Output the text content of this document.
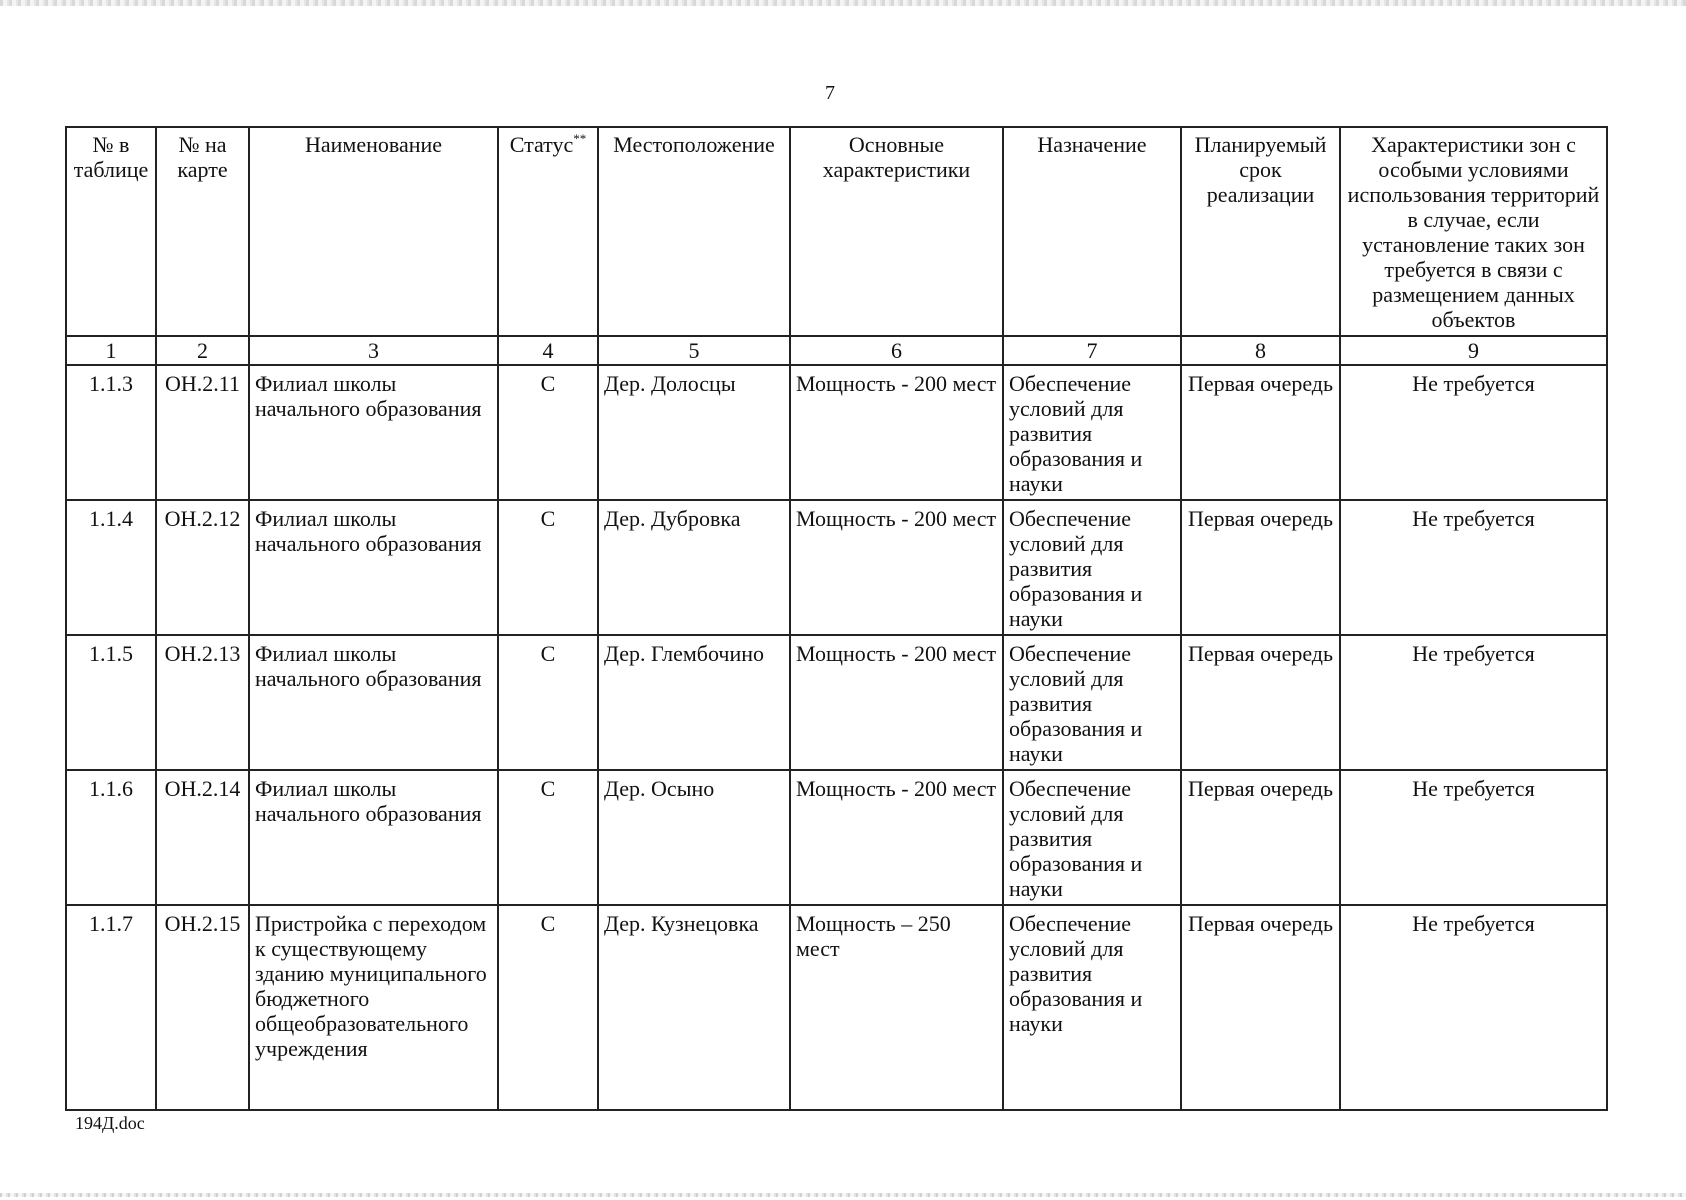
7
№ в таблице	№ на карте	Наименование	Статус**	Местоположение	Основные характеристики	Назначение	Планируемый срок реализации	Характеристики зон с особыми условиями использования территорий в случае, если установление таких зон требуется в связи с размещением данных объектов
1	2	3	4	5	6	7	8	9
1.1.3	ОН.2.11	Филиал школы начального образования	С	Дер. Долосцы	Мощность - 200 мест	Обеспечение условий для развития образования и науки	Первая очередь	Не требуется
1.1.4	ОН.2.12	Филиал школы начального образования	С	Дер. Дубровка	Мощность - 200 мест	Обеспечение условий для развития образования и науки	Первая очередь	Не требуется
1.1.5	ОН.2.13	Филиал школы начального образования	С	Дер. Глембочино	Мощность - 200 мест	Обеспечение условий для развития образования и науки	Первая очередь	Не требуется
1.1.6	ОН.2.14	Филиал школы начального образования	С	Дер. Осыно	Мощность - 200 мест	Обеспечение условий для развития образования и науки	Первая очередь	Не требуется
1.1.7	ОН.2.15	Пристройка с переходом к существующему зданию муниципального бюджетного общеобразовательного учреждения	С	Дер. Кузнецовка	Мощность – 250 мест	Обеспечение условий для развития образования и науки	Первая очередь	Не требуется
194Д.doc
